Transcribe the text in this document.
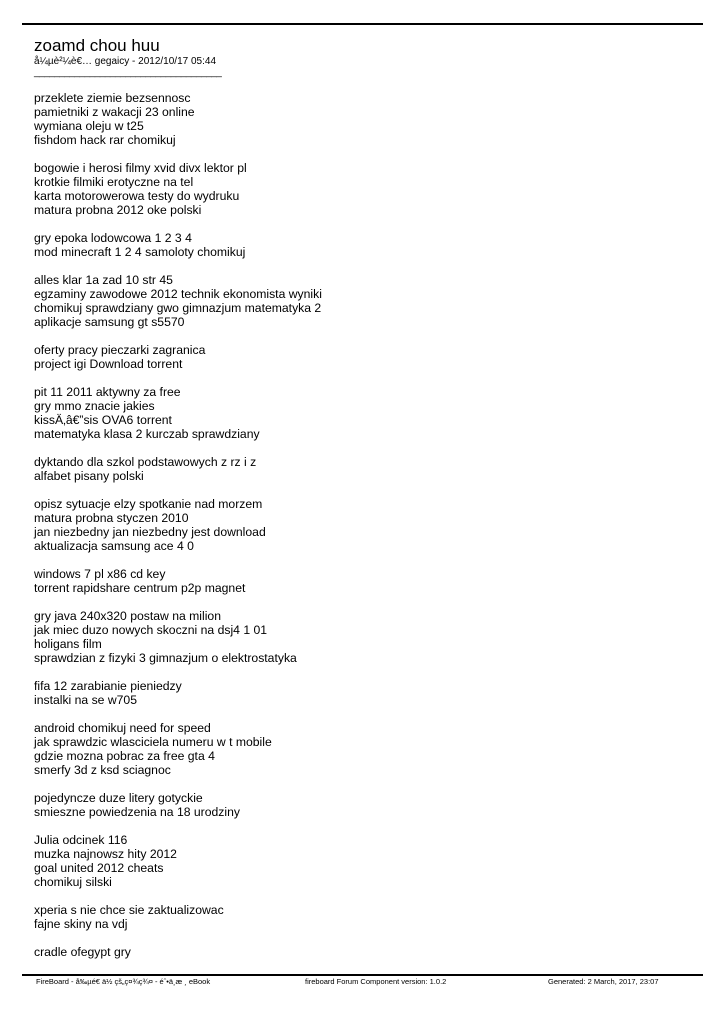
zoamd chou huu
å¼µè²¼è€… gegaicy - 2012/10/17 05:44
_____________________________________
przeklete ziemie bezsennosc
pamietniki z wakacji 23 online
wymiana oleju w t25
fishdom hack rar chomikuj
bogowie i herosi filmy xvid divx lektor pl
krotkie filmiki erotyczne na tel
karta motorowerowa testy do wydruku
matura probna 2012 oke polski
gry epoka lodowcowa 1 2 3 4
mod minecraft 1 2 4 samoloty chomikuj
alles klar 1a zad 10 str 45
egzaminy zawodowe 2012 technik ekonomista wyniki
chomikuj sprawdziany gwo gimnazjum matematyka 2
aplikacje samsung gt s5570
oferty pracy pieczarki zagranica
project igi Download torrent
pit 11 2011 aktywny za free
gry mmo znacie jakies
kissÄ‚â€”sis OVA6 torrent
matematyka klasa 2 kurczab sprawdziany
dyktando dla szkol podstawowych z rz i z
alfabet pisany polski
opisz sytuacje elzy spotkanie nad morzem
matura probna styczen 2010
jan niezbedny jan niezbedny jest download
aktualizacja samsung ace 4 0
windows 7 pl x86 cd key
torrent rapidshare centrum p2p magnet
gry java 240x320 postaw na milion
jak miec duzo nowych skoczni na dsj4 1 01
holigans film
sprawdzian z fizyki 3 gimnazjum o elektrostatyka
fifa 12 zarabianie pieniedzy
instalki na se w705
android chomikuj need for speed
jak sprawdzic wlasciciela numeru w t mobile
gdzie mozna pobrac za free gta 4
smerfy 3d z ksd sciagnoc
pojedyncze duze litery gotyckie
smieszne powiedzenia na 18 urodziny
Julia odcinek 116
muzka najnowsz hity 2012
goal united 2012 cheats
chomikuj silski
xperia s nie chce sie zaktualizowac
fajne skiny na vdj
cradle ofegypt gry
FireBoard - å‰µé€ ä½ çš„ç¤¾ç¾¤ - éˆ•ä¸æ ¸ eBook	fireboard Forum Component version: 1.0.2	Generated: 2 March, 2017, 23:07
